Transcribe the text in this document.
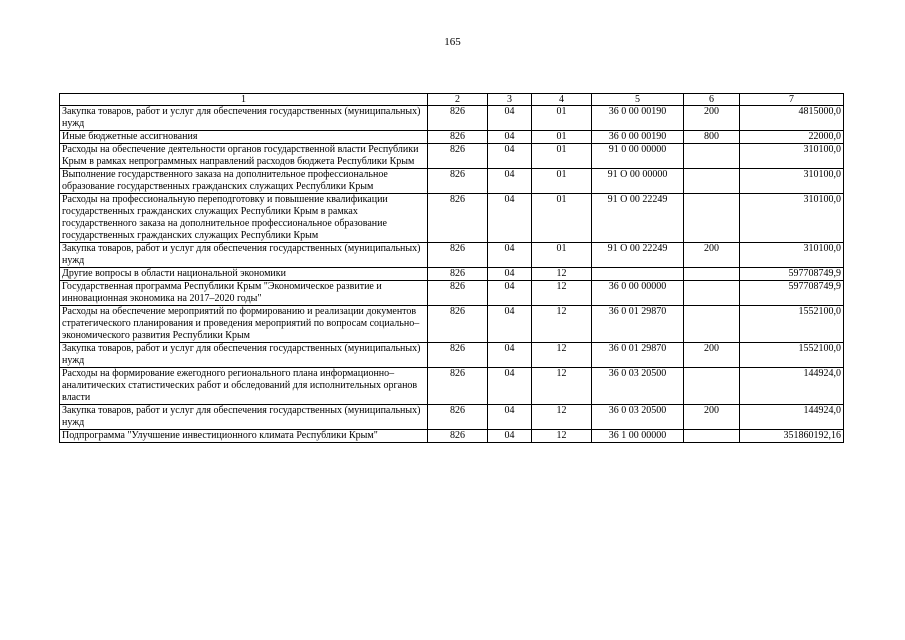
165
1	2	3	4	5	6	7
Закупка товаров, работ и услуг для обеспечения государственных (муниципальных) нужд	826	04	01	36 0 00 00190	200	4815000,0
Иные бюджетные ассигнования	826	04	01	36 0 00 00190	800	22000,0
Расходы на обеспечение деятельности органов государственной власти Республики Крым в рамках непрограммных направлений расходов бюджета Республики Крым	826	04	01	91 0 00 00000		310100,0
Выполнение государственного заказа на дополнительное профессиональное образование государственных гражданских служащих Республики Крым	826	04	01	91 О 00 00000		310100,0
Расходы на профессиональную переподготовку и повышение квалификации государственных гражданских служащих Республики Крым в рамках государственного заказа на дополнительное профессиональное образование государственных гражданских служащих Республики Крым	826	04	01	91 О 00 22249		310100,0
Закупка товаров, работ и услуг для обеспечения государственных (муниципальных) нужд	826	04	01	91 О 00 22249	200	310100,0
Другие вопросы в области национальной экономики	826	04	12			597708749,9
Государственная программа Республики Крым "Экономическое развитие и инновационная экономика на 2017–2020 годы"	826	04	12	36 0 00 00000		597708749,9
Расходы на обеспечение мероприятий по формированию и реализации документов стратегического планирования и проведения мероприятий по вопросам социально–экономического развития Республики Крым	826	04	12	36 0 01 29870		1552100,0
Закупка товаров, работ и услуг для обеспечения государственных (муниципальных) нужд	826	04	12	36 0 01 29870	200	1552100,0
Расходы на формирование ежегодного регионального плана информационно–аналитических статистических работ и обследований для исполнительных органов власти	826	04	12	36 0 03 20500		144924,0
Закупка товаров, работ и услуг для обеспечения государственных (муниципальных) нужд	826	04	12	36 0 03 20500	200	144924,0
Подпрограмма "Улучшение инвестиционного климата Республики Крым"	826	04	12	36 1 00 00000		351860192,16
